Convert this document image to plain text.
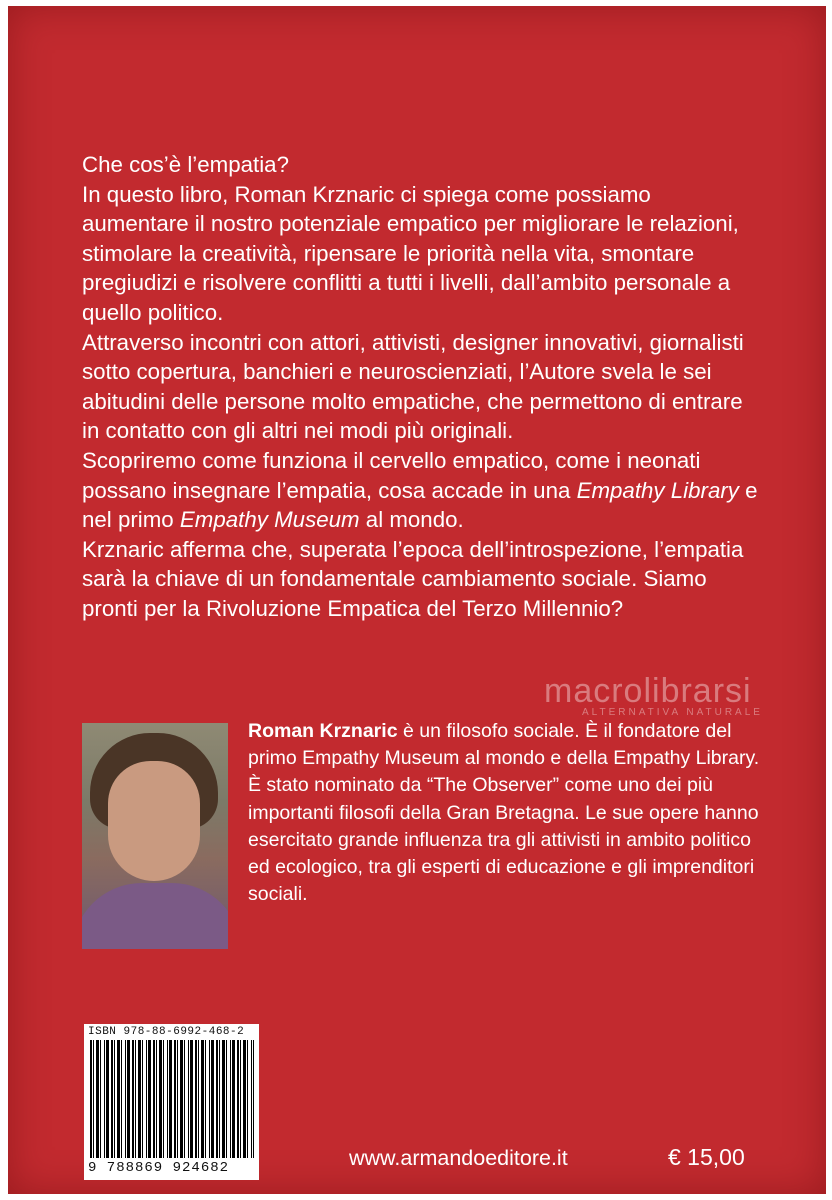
Che cos’è l’empatia?

In questo libro, Roman Krznaric ci spiega come possiamo aumentare il nostro potenziale empatico per migliorare le relazioni, stimolare la creatività, ripensare le priorità nella vita, smontare pregiudizi e risolvere conflitti a tutti i livelli, dall’ambito personale a quello politico.

Attraverso incontri con attori, attivisti, designer innovativi, giornalisti sotto copertura, banchieri e neuroscienziati, l’Autore svela le sei abitudini delle persone molto empatiche, che permettono di entrare in contatto con gli altri nei modi più originali.

Scopriremo come funziona il cervello empatico, come i neonati possano insegnare l’empatia, cosa accade in una Empathy Library e nel primo Empathy Museum al mondo.

Krznaric afferma che, superata l’epoca dell’introspezione, l’empatia sarà la chiave di un fondamentale cambiamento sociale. Siamo pronti per la Rivoluzione Empatica del Terzo Millennio?

macrolibrarsi
ALTERNATIVA NATURALE

Roman Krznaric è un filosofo sociale. È il fondatore del primo Empathy Museum al mondo e della Empathy Library. È stato nominato da “The Observer” come uno dei più importanti filosofi della Gran Bretagna. Le sue opere hanno esercitato grande influenza tra gli attivisti in ambito politico ed ecologico, tra gli esperti di educazione e gli imprenditori sociali.

ISBN 978-88-6992-468-2
9 788869 924682	www.armandoeditore.it	€ 15,00
